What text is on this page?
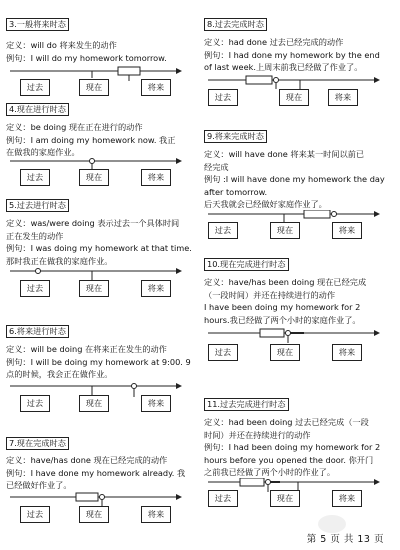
3.一般将来时态

定义：will do 将来发生的动作

例句：I will do my homework tomorrow.

过去	现在	将来
4.现在进行时态

定义：be doing 现在正在进行的动作

例句：I am doing my homework now. 我正

在做我的家庭作业。

过去	现在	将来
5.过去进行时态

定义：was/were doing 表示过去一个具体时间

正在发生的动作

例句：I was doing my homework at that time.

那时我正在做我的家庭作业。

过去	现在	将来
6.将来进行时态

定义：will be doing 在将来正在发生的动作

例句：I will be doing my homework at 9:00. 9

点的时候，我会正在做作业。

过去	现在	将来
7.现在完成时态

定义：have/has done 现在已经完成的动作

例句：I have done my homework already. 我

已经做好作业了。

过去	现在	将来
8.过去完成时态

定义：had done 过去已经完成的动作

例句：I had done my homework by the end

of last week.上周末前我已经做了作业了。

过去	现在	将来
9.将来完成时态

定义：will have done 将来某一时间以前已

经完成

例句 :I will have done my homework the day

after tomorrow.

后天我就会已经做好家庭作业了。

过去	现在	将来
10.现在完成进行时态

定义：have/has been doing 现在已经完成

（一段时间）并还在持续进行的动作

I have been doing my homework for 2

hours.我已经做了两个小时的家庭作业了。

过去	现在	将来
11.过去完成进行时态

定义：had been doing 过去已经完成（一段

时间）并还在持续进行的动作

例句：I had been doing my homework for 2

hours before you opened the door. 你开门

之前我已经做了两个小时的作业了。

过去	现在	将来
第 5 页 共 13 页
